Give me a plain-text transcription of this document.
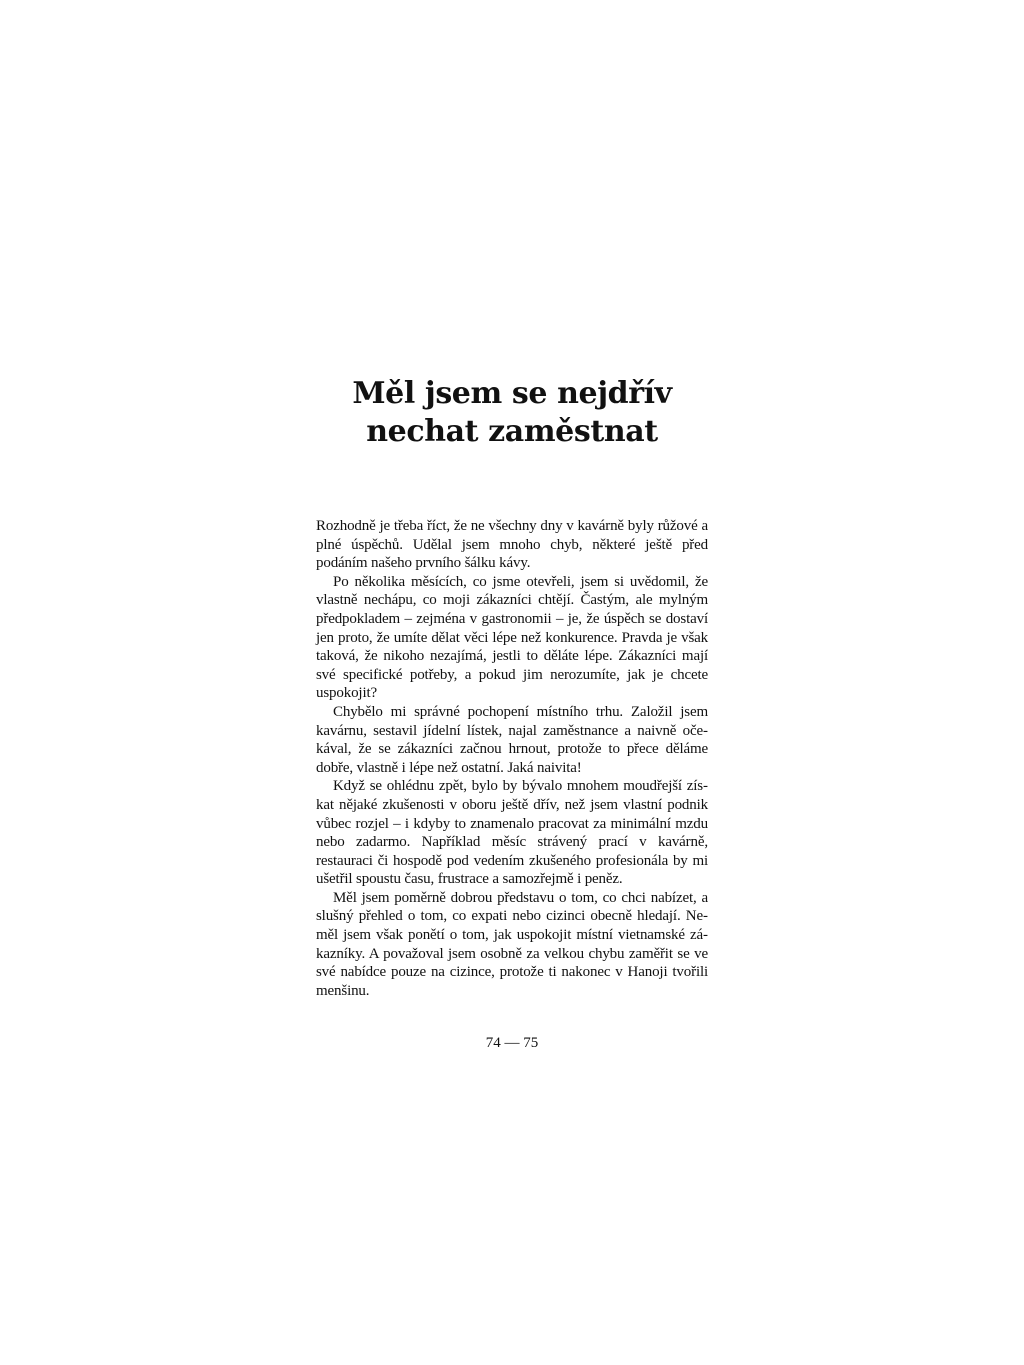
Měl jsem se nejdřív
nechat zaměstnat

Rozhodně je třeba říct, že ne všechny dny v kavárně byly růžové a plné úspěchů. Udělal jsem mnoho chyb, některé ještě před podáním našeho prvního šálku kávy.

Po několika měsících, co jsme otevřeli, jsem si uvědomil, že vlastně nechápu, co moji zákazníci chtějí. Častým, ale mylným předpokladem – zejména v gastronomii – je, že úspěch se dostaví jen proto, že umíte dělat věci lépe než konkurence. Pravda je však taková, že nikoho nezajímá, jestli to děláte lépe. Zákazníci mají své specifické potřeby, a pokud jim nerozumíte, jak je chcete uspokojit?

Chybělo mi správné pochopení místního trhu. Založil jsem kavárnu, sestavil jídelní lístek, najal zaměstnance a naivně očekával, že se zákazníci začnou hrnout, protože to přece děláme dobře, vlastně i lépe než ostatní. Jaká naivita!

Když se ohlédnu zpět, bylo by bývalo mnohem moudřejší získat nějaké zkušenosti v oboru ještě dřív, než jsem vlastní podnik vůbec rozjel – i kdyby to znamenalo pracovat za minimální mzdu nebo zadarmo. Například měsíc strávený prací v kavárně, restauraci či hospodě pod vedením zkušeného profesionála by mi ušetřil spoustu času, frustrace a samozřejmě i peněz.

Měl jsem poměrně dobrou představu o tom, co chci nabízet, a slušný přehled o tom, co expati nebo cizinci obecně hledají. Neměl jsem však ponětí o tom, jak uspokojit místní vietnamské zákazníky. A považoval jsem osobně za velkou chybu zaměřit se ve své nabídce pouze na cizince, protože ti nakonec v Hanoji tvořili menšinu.

74 — 75
